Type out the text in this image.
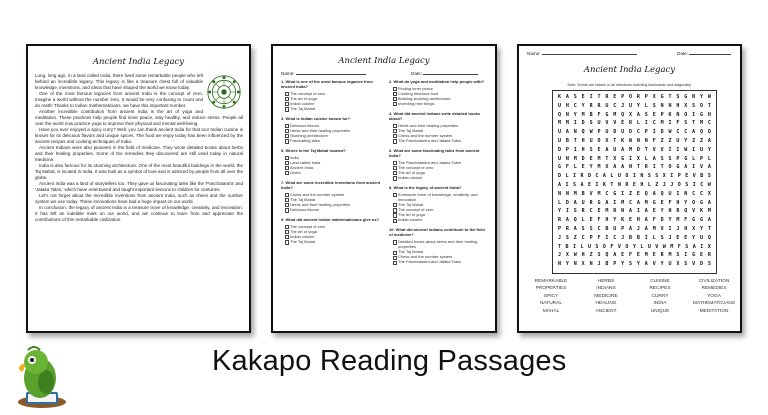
Ancient India Legacy

Long, long ago, in a land called India, there lived some remarkable people who left behind an incredible legacy. This legacy is like a treasure chest full of valuable knowledge, inventions, and ideas that have shaped the world we know today.

One of the most famous legacies from ancient India is the concept of zero. Imagine a world without the number zero. It would be very confusing to count and do math! Thanks to Indian mathematicians, we have this important number.

Another incredible contribution from ancient India is the art of yoga and meditation. These practices help people find inner peace, stay healthy, and reduce stress. People all over the world now practice yoga to improve their physical and mental well-being.

Have you ever enjoyed a spicy curry? Well, you can thank ancient India for that too! Indian cuisine is known for its delicious flavors and unique spices. The food we enjoy today has been influenced by the ancient recipes and cooking techniques of India.

Ancient Indians were also pioneers in the field of medicine. They wrote detailed books about herbs and their healing properties. Some of the remedies they discovered are still used today in natural medicine.

India is also famous for its stunning architecture. One of the most beautiful buildings in the world, the Taj Mahal, is located in India. It was built as a symbol of love and is admired by people from all over the globe.

Ancient India was a land of storytellers too. They gave us fascinating tales like the 'Panchatantra' and 'Jataka Tales,' which have entertained and taught important lessons to children for centuries.

Let's not forget about the incredible inventions from ancient India, such as chess and the number system we use today. These innovations have had a huge impact on our world.

In conclusion, the legacy of ancient India is a treasure trove of knowledge, creativity, and innovation. It has left an indelible mark on our world, and we continue to learn from and appreciate the contributions of this remarkable civilization.

Ancient India Legacy
Name:	Date:
1. What is one of the most famous legacies from ancient India?
The concept of zero
The art of yoga
Indian cuisine
The Taj Mahal
3. What is Indian cuisine known for?
Delicious flavors
Herbs and their healing properties
Stunning architecture
Fascinating tales
5. Where is the Taj Mahal located?
India
Land called India
Ancient India
Globe
7. What are some incredible inventions from ancient India?
Chess and the number system
The Taj Mahal
Herbs and their healing properties
Delicious flavors
9. What did ancient Indian mathematicians give us?
The concept of zero
The art of yoga
Indian cuisine
The Taj Mahal
2. What do yoga and meditation help people with?
Finding inner peace
Cooking delicious food
Building stunning architecture
Inventing new things
4. What did ancient Indians write detailed books about?
Herbs and their healing properties
The Taj Mahal
Chess and the number system
The Panchatantra and Jataka Tales
6. What are some fascinating tales from ancient India?
The Panchatantra and Jataka Tales
The concept of zero
The art of yoga
Indian cuisine
8. What is the legacy of ancient India?
A treasure trove of knowledge, creativity, and innovation
The Taj Mahal
The concept of zero
The art of yoga
Indian cuisine
10. What did ancient Indians contribute to the field of medicine?
Detailed books about herbs and their healing properties
The Taj Mahal
Chess and the number system
The Panchatantra and Jataka Tales
Name:	Date:
Ancient India Legacy
Note: Words are hidden in all directions including backwards and diagonally.
K A S E I T R E P O R P X G T S G N Y W
U H C Y R R U C J U Y L S N N H X S O T
Q N Y M B F G M Q X A S E P K N O I G H
M M I D S U V V E R L I C M I F S T M C
U A N Q W P U D U D C P I D W C C A Q Q
U B T H U O X T K W N N F Z Z U Y Z Z A
D P I H S E A U A M D T V V I I W I U Y
U N M D E M T X G I X L A S S P G L P L
G F L E Y M X A A N T R I T O G A I V A
D L I R D C A L U O I N S S X I P E V B S
A I S A E I K T N R E H L Z J J O S I C W
N N M B V M C G I Z E Q A Q U I N C C X
L D A U R G A I M C A M G E F H Y O G A
Y I S R C E M R N A I A E Y H R Q V K M
R A Q L E F H Y K E H A F D Y M F G G A
P R A S S C B U P A J A M V I J H X Y T
J S Z C P F I C J B B I L S J E E Y U Q
T B I L U S O F V O Y L U V W M F S A I X
J X W H Z S Q A E F E M E R M S I G E R
N Y N X N J B P Y S Y A V Y U X S V D S
REMARKABLE
PROPERTIES
SPICY
NATURAL
MAHAL
HERBS
INDIANS
MEDICINE
HEALING
ANCIENT
CUISINE
RECIPES
CURRY
INDIA
UNIQUE
CIVILIZATION
REMEDIES
YOGA
MATHEMATICIANS
MEDITATION
Kakapo Reading Passages
